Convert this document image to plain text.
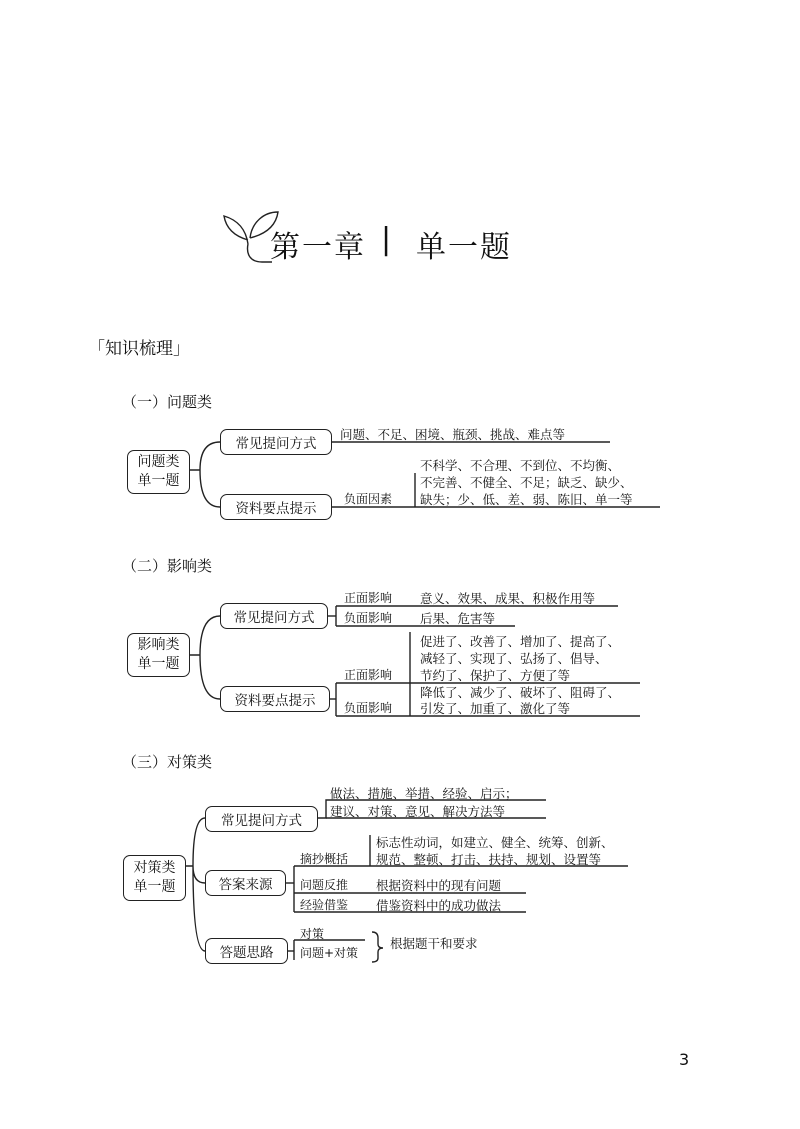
第一章 | 单一题
「知识梳理」
（一）问题类
问题类
单一题
常见提问方式
问题、不足、困境、瓶颈、挑战、难点等
资料要点提示
负面因素
不科学、不合理、不到位、不均衡、
不完善、不健全、不足；缺乏、缺少、
缺失；少、低、差、弱、陈旧、单一等
（二）影响类
影响类
单一题
常见提问方式
正面影响 意义、效果、成果、积极作用等
负面影响 后果、危害等
资料要点提示
正面影响
促进了、改善了、增加了、提高了、
减轻了、实现了、弘扬了、倡导、
节约了、保护了、方便了等
负面影响
降低了、减少了、破坏了、阻碍了、
引发了、加重了、激化了等
（三）对策类
对策类
单一题
常见提问方式
做法、措施、举措、经验、启示；
建议、对策、意见、解决方法等
答案来源
摘抄概括
标志性动词，如建立、健全、统筹、创新、
规范、整顿、打击、扶持、规划、设置等
问题反推 根据资料中的现有问题
经验借鉴 借鉴资料中的成功做法
答题思路
对策
问题+对策
根据题干和要求
3
